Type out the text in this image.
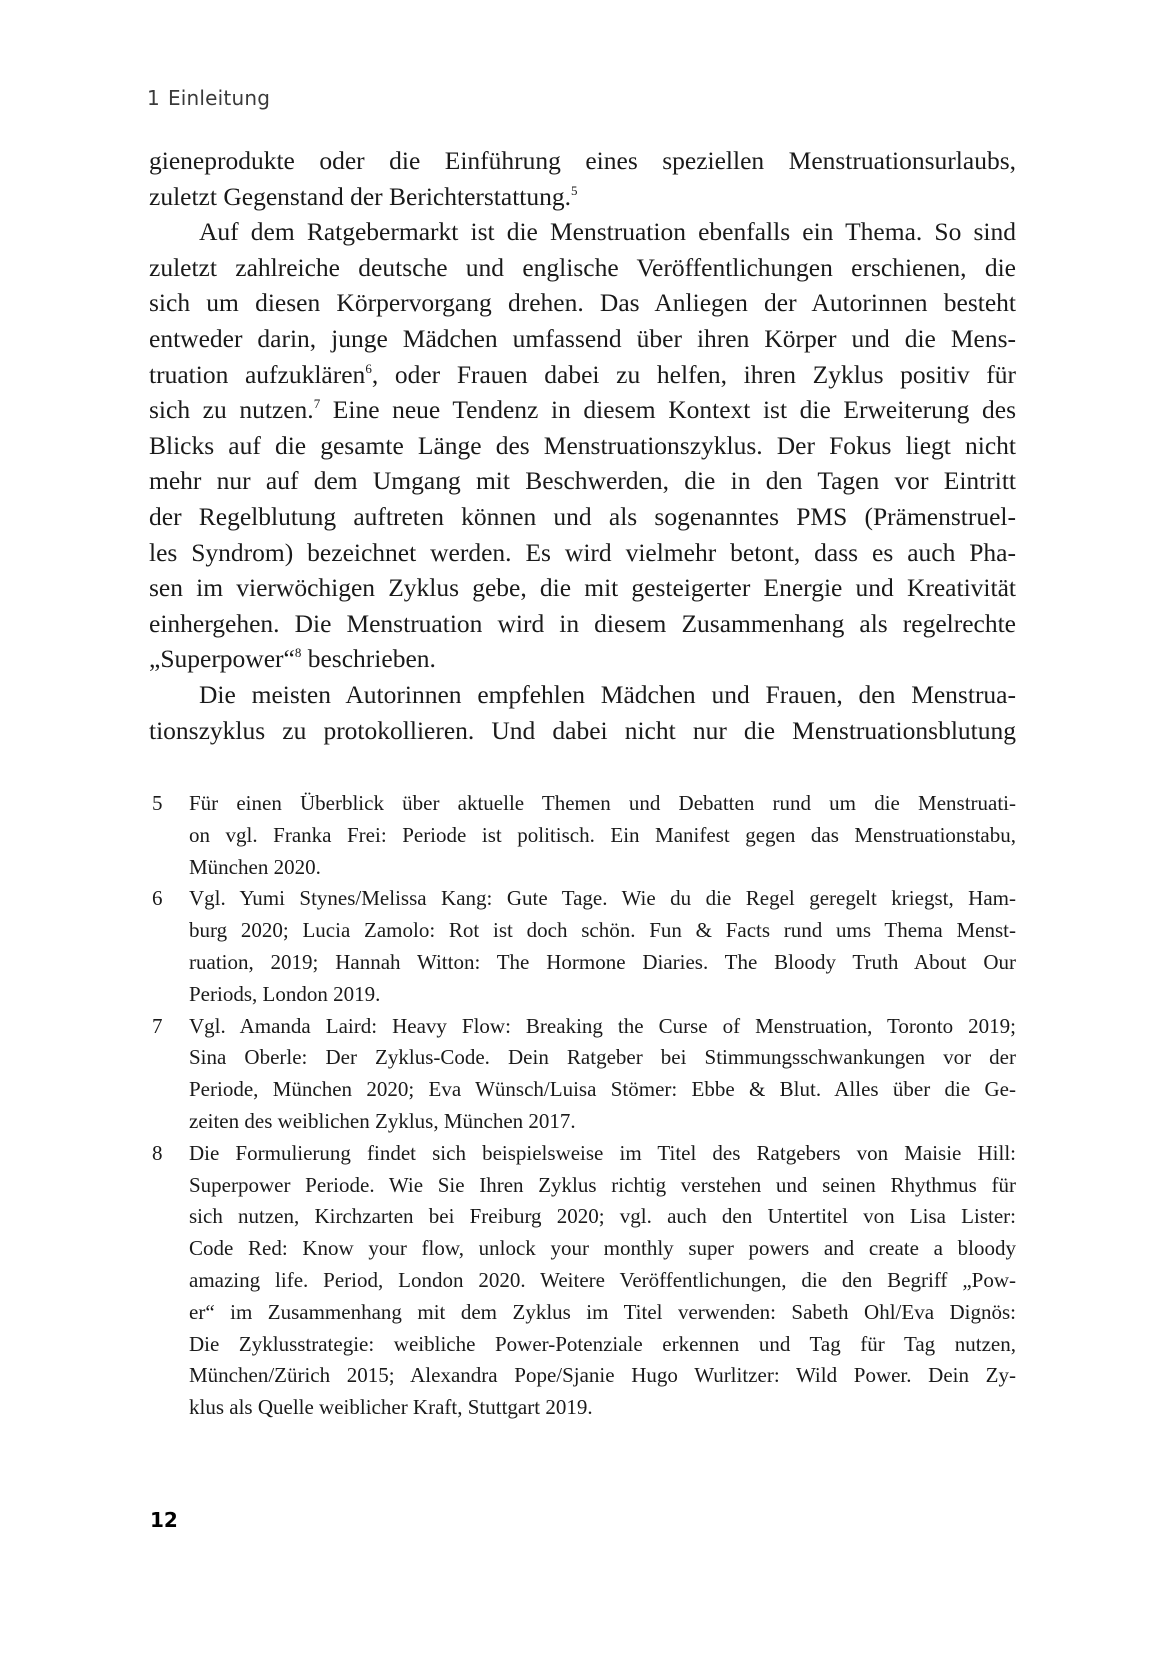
1 Einleitung
gieneprodukte oder die Einführung eines speziellen Menstruationsurlaubs,
zuletzt Gegenstand der Berichterstattung.$^5$
Auf dem Ratgebermarkt ist die Menstruation ebenfalls ein Thema. So sind
zuletzt zahlreiche deutsche und englische Veröffentlichungen erschienen, die
sich um diesen Körpervorgang drehen. Das Anliegen der Autorinnen besteht
entweder darin, junge Mädchen umfassend über ihren Körper und die Mens-
truation aufzuklären$^6$, oder Frauen dabei zu helfen, ihren Zyklus positiv für
sich zu nutzen.$^7$ Eine neue Tendenz in diesem Kontext ist die Erweiterung des
Blicks auf die gesamte Länge des Menstruationszyklus. Der Fokus liegt nicht
mehr nur auf dem Umgang mit Beschwerden, die in den Tagen vor Eintritt
der Regelblutung auftreten können und als sogenanntes PMS (Prämenstruel-
les Syndrom) bezeichnet werden. Es wird vielmehr betont, dass es auch Pha-
sen im vierwöchigen Zyklus gebe, die mit gesteigerter Energie und Kreativität
einhergehen. Die Menstruation wird in diesem Zusammenhang als regelrechte
„Superpower“$^8$ beschrieben.
Die meisten Autorinnen empfehlen Mädchen und Frauen, den Menstrua-
tionszyklus zu protokollieren. Und dabei nicht nur die Menstruationsblutung
5 Für einen Überblick über aktuelle Themen und Debatten rund um die Menstruati-
on vgl. Franka Frei: Periode ist politisch. Ein Manifest gegen das Menstruationstabu,
München 2020.
6 Vgl. Yumi Stynes/Melissa Kang: Gute Tage. Wie du die Regel geregelt kriegst, Ham-
burg 2020; Lucia Zamolo: Rot ist doch schön. Fun & Facts rund ums Thema Menst-
ruation, 2019; Hannah Witton: The Hormone Diaries. The Bloody Truth About Our
Periods, London 2019.
7 Vgl. Amanda Laird: Heavy Flow: Breaking the Curse of Menstruation, Toronto 2019;
Sina Oberle: Der Zyklus-Code. Dein Ratgeber bei Stimmungsschwankungen vor der
Periode, München 2020; Eva Wünsch/Luisa Stömer: Ebbe & Blut. Alles über die Ge-
zeiten des weiblichen Zyklus, München 2017.
8 Die Formulierung findet sich beispielsweise im Titel des Ratgebers von Maisie Hill:
Superpower Periode. Wie Sie Ihren Zyklus richtig verstehen und seinen Rhythmus für
sich nutzen, Kirchzarten bei Freiburg 2020; vgl. auch den Untertitel von Lisa Lister:
Code Red: Know your flow, unlock your monthly super powers and create a bloody
amazing life. Period, London 2020. Weitere Veröffentlichungen, die den Begriff „Pow-
er“ im Zusammenhang mit dem Zyklus im Titel verwenden: Sabeth Ohl/Eva Dignös:
Die Zyklusstrategie: weibliche Power-Potenziale erkennen und Tag für Tag nutzen,
München/Zürich 2015; Alexandra Pope/Sjanie Hugo Wurlitzer: Wild Power. Dein Zy-
klus als Quelle weiblicher Kraft, Stuttgart 2019.
12
